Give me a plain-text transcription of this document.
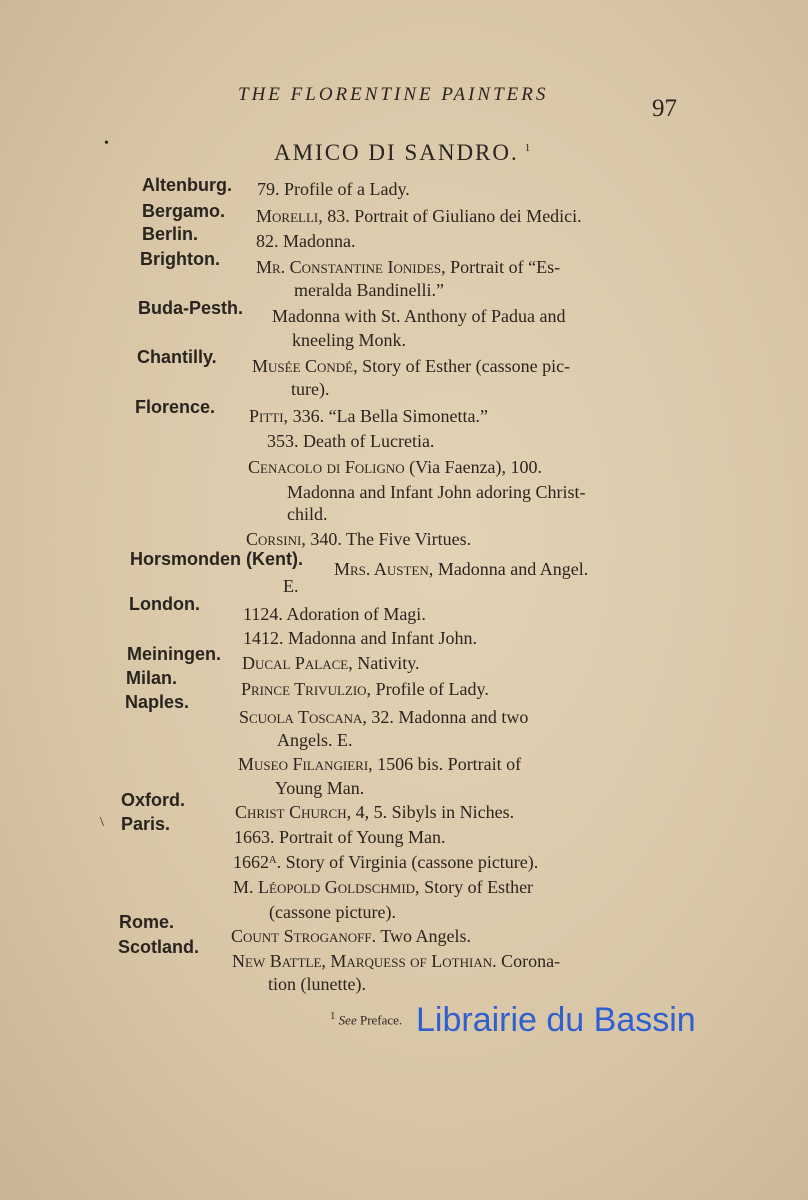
THE FLORENTINE PAINTERS
97
•
\
AMICO DI SANDRO. $^1$
Altenburg.
Bergamo.
Berlin.
Brighton.
Buda-Pesth.
Chantilly.
Florence.
Horsmonden (Kent).
London.
Meiningen.
Milan.
Naples.
Oxford.
Paris.
Rome.
Scotland.
79. Profile of a Lady.
Morelli, 83. Portrait of Giuliano dei Medici.
82. Madonna.
Mr. Constantine Ionides, Portrait of “Es-
meralda Bandinelli.”
Madonna with St. Anthony of Padua and
kneeling Monk.
Musée Condé, Story of Esther (cassone pic-
ture).
Pitti, 336. “La Bella Simonetta.”
353. Death of Lucretia.
Cenacolo di Foligno (Via Faenza), 100.
Madonna and Infant John adoring Christ-
child.
Corsini, 340. The Five Virtues.
Mrs. Austen, Madonna and Angel.
E.
1124. Adoration of Magi.
1412. Madonna and Infant John.
Ducal Palace, Nativity.
Prince Trivulzio, Profile of Lady.
Scuola Toscana, 32. Madonna and two
Angels. E.
Museo Filangieri, 1506 bis. Portrait of
Young Man.
Christ Church, 4, 5. Sibyls in Niches.
1663. Portrait of Young Man.
1662ᴬ. Story of Virginia (cassone picture).
M. Léopold Goldschmid, Story of Esther
(cassone picture).
Count Stroganoff. Two Angels.
New Battle, Marquess of Lothian. Corona-
tion (lunette).
$^1$ See Preface. Librairie du Bassin
